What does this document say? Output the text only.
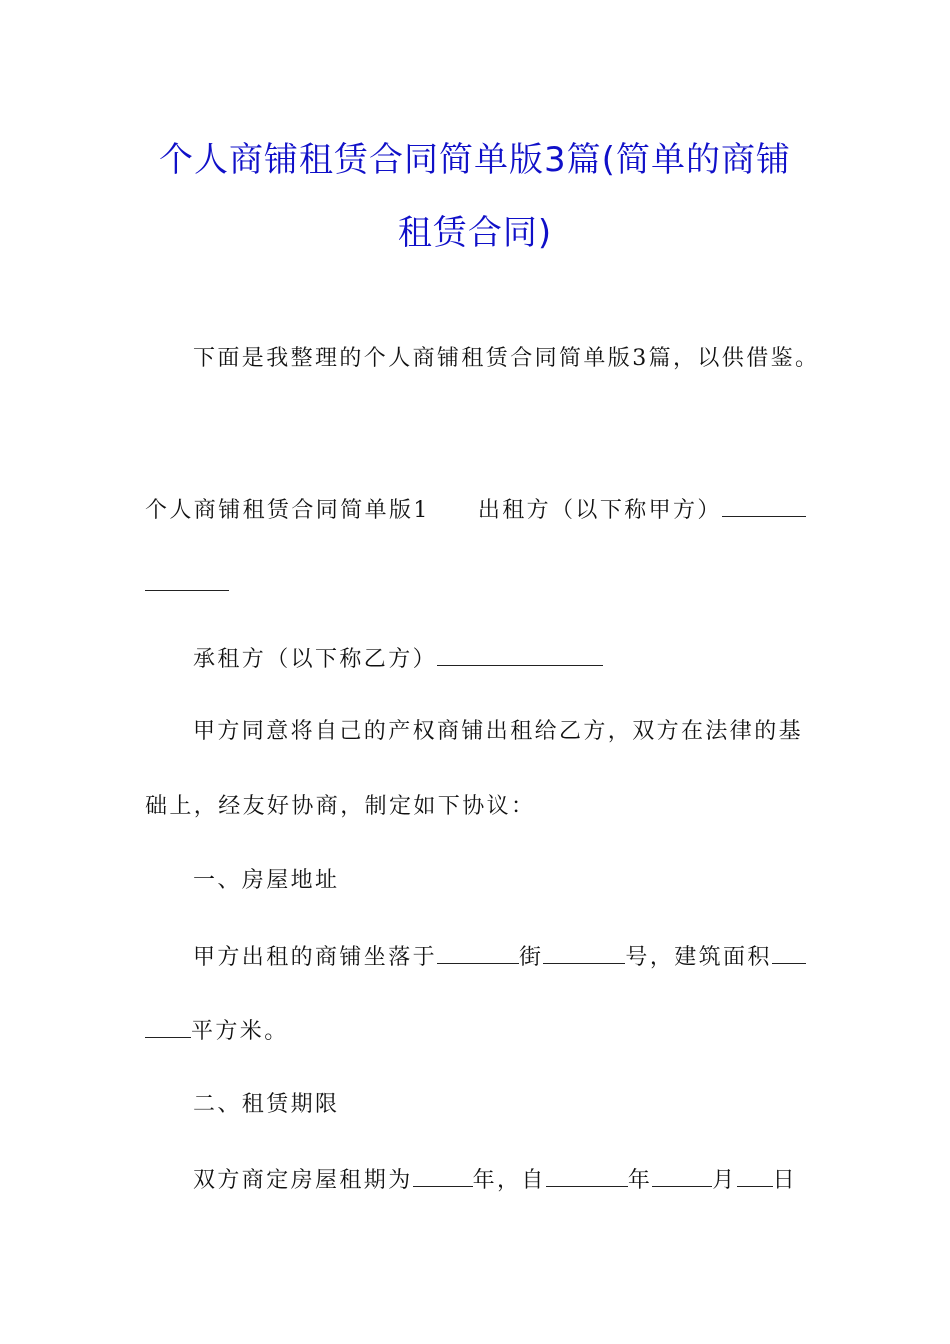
个人商铺租赁合同简单版3篇(简单的商铺
租赁合同)
下面是我整理的个人商铺租赁合同简单版3篇，以供借鉴。
个人商铺租赁合同简单版1 出租方（以下称甲方）
承租方（以下称乙方）
甲方同意将自己的产权商铺出租给乙方，双方在法律的基
础上，经友好协商，制定如下协议：
一、房屋地址
甲方出租的商铺坐落于	街	号，建筑面积
平方米。
二、租赁期限
双方商定房屋租期为	年，自	年	月 日
